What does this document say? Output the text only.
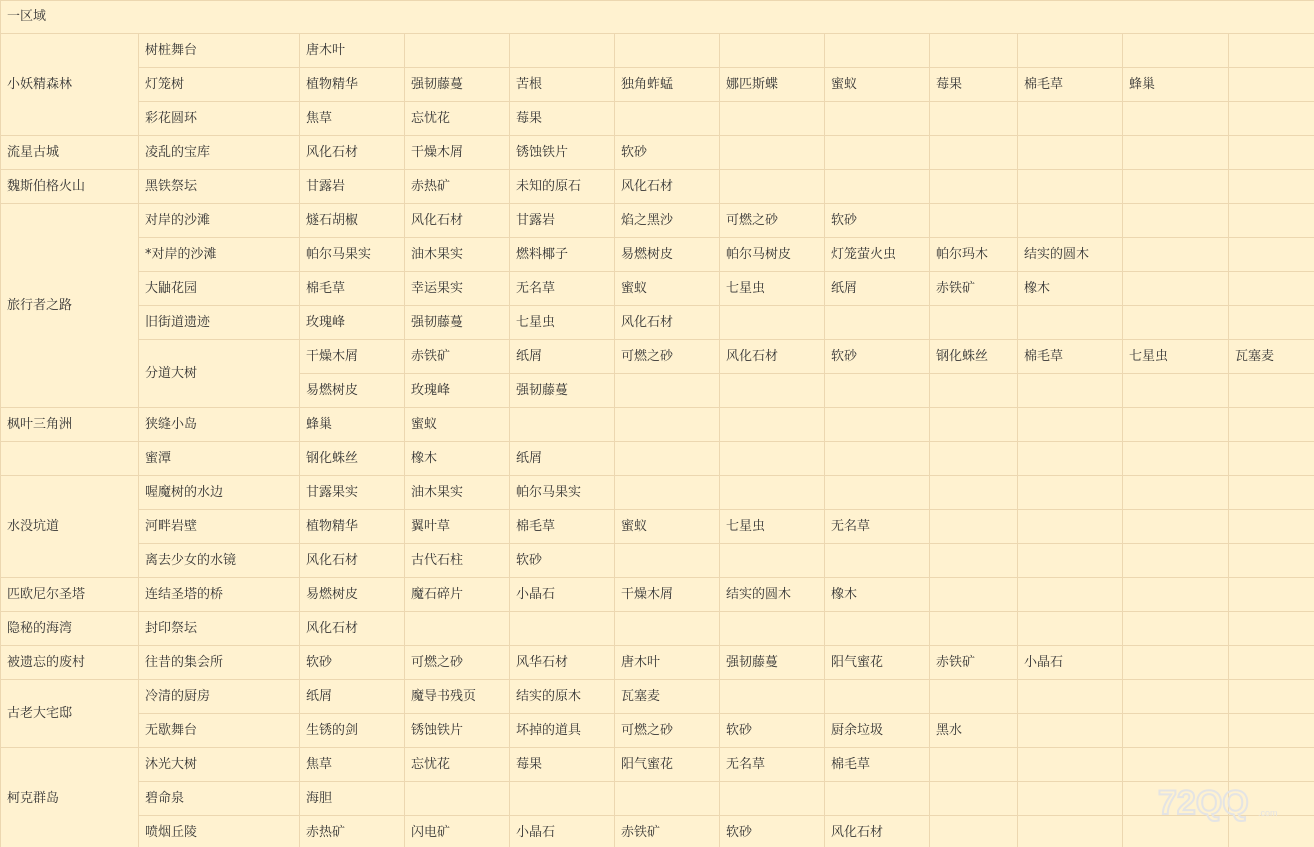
一区域											
小妖精森林	树桩舞台	唐木叶									
	灯笼树	植物精华	强韧藤蔓	苦根	独角蚱蜢	娜匹斯蝶	蜜蚁	莓果	棉毛草	蜂巢	
	彩花圆环	焦草	忘忧花	莓果							
流星古城	凌乱的宝库	风化石材	干燥木屑	锈蚀铁片	软砂						
魏斯伯格火山	黑铁祭坛	甘露岩	赤热矿	未知的原石	风化石材						
旅行者之路	对岸的沙滩	燧石胡椒	风化石材	甘露岩	焰之黑沙	可燃之砂	软砂				
	*对岸的沙滩	帕尔马果实	油木果实	燃料椰子	易燃树皮	帕尔马树皮	灯笼萤火虫	帕尔玛木	结实的圆木		
	大鼬花园	棉毛草	幸运果实	无名草	蜜蚁	七星虫	纸屑	赤铁矿	橡木		
	旧街道遗迹	玫瑰峰	强韧藤蔓	七星虫	风化石材						
	分道大树	干燥木屑	赤铁矿	纸屑	可燃之砂	风化石材	软砂	钢化蛛丝	棉毛草	七星虫	瓦塞麦
		易燃树皮	玫瑰峰	强韧藤蔓							
枫叶三角洲	狭缝小岛	蜂巢	蜜蚁								
	蜜潭	钢化蛛丝	橡木	纸屑							
水没坑道	喔魔树的水边	甘露果实	油木果实	帕尔马果实							
	河畔岩壁	植物精华	翼叶草	棉毛草	蜜蚁	七星虫	无名草				
	离去少女的水镜	风化石材	古代石柱	软砂							
匹欧尼尔圣塔	连结圣塔的桥	易燃树皮	魔石碎片	小晶石	干燥木屑	结实的圆木	橡木				
隐秘的海湾	封印祭坛	风化石材									
被遗忘的废村	往昔的集会所	软砂	可燃之砂	风华石材	唐木叶	强韧藤蔓	阳气蜜花	赤铁矿	小晶石		
古老大宅邸	冷清的厨房	纸屑	魔导书残页	结实的原木	瓦塞麦						
	无歇舞台	生锈的剑	锈蚀铁片	坏掉的道具	可燃之砂	软砂	厨余垃圾	黑水			
柯克群岛	沐光大树	焦草	忘忧花	莓果	阳气蜜花	无名草	棉毛草				
	碧命泉	海胆									
	喷烟丘陵	赤热矿	闪电矿	小晶石	赤铁矿	软砂	风化石材				
72QQ .com
